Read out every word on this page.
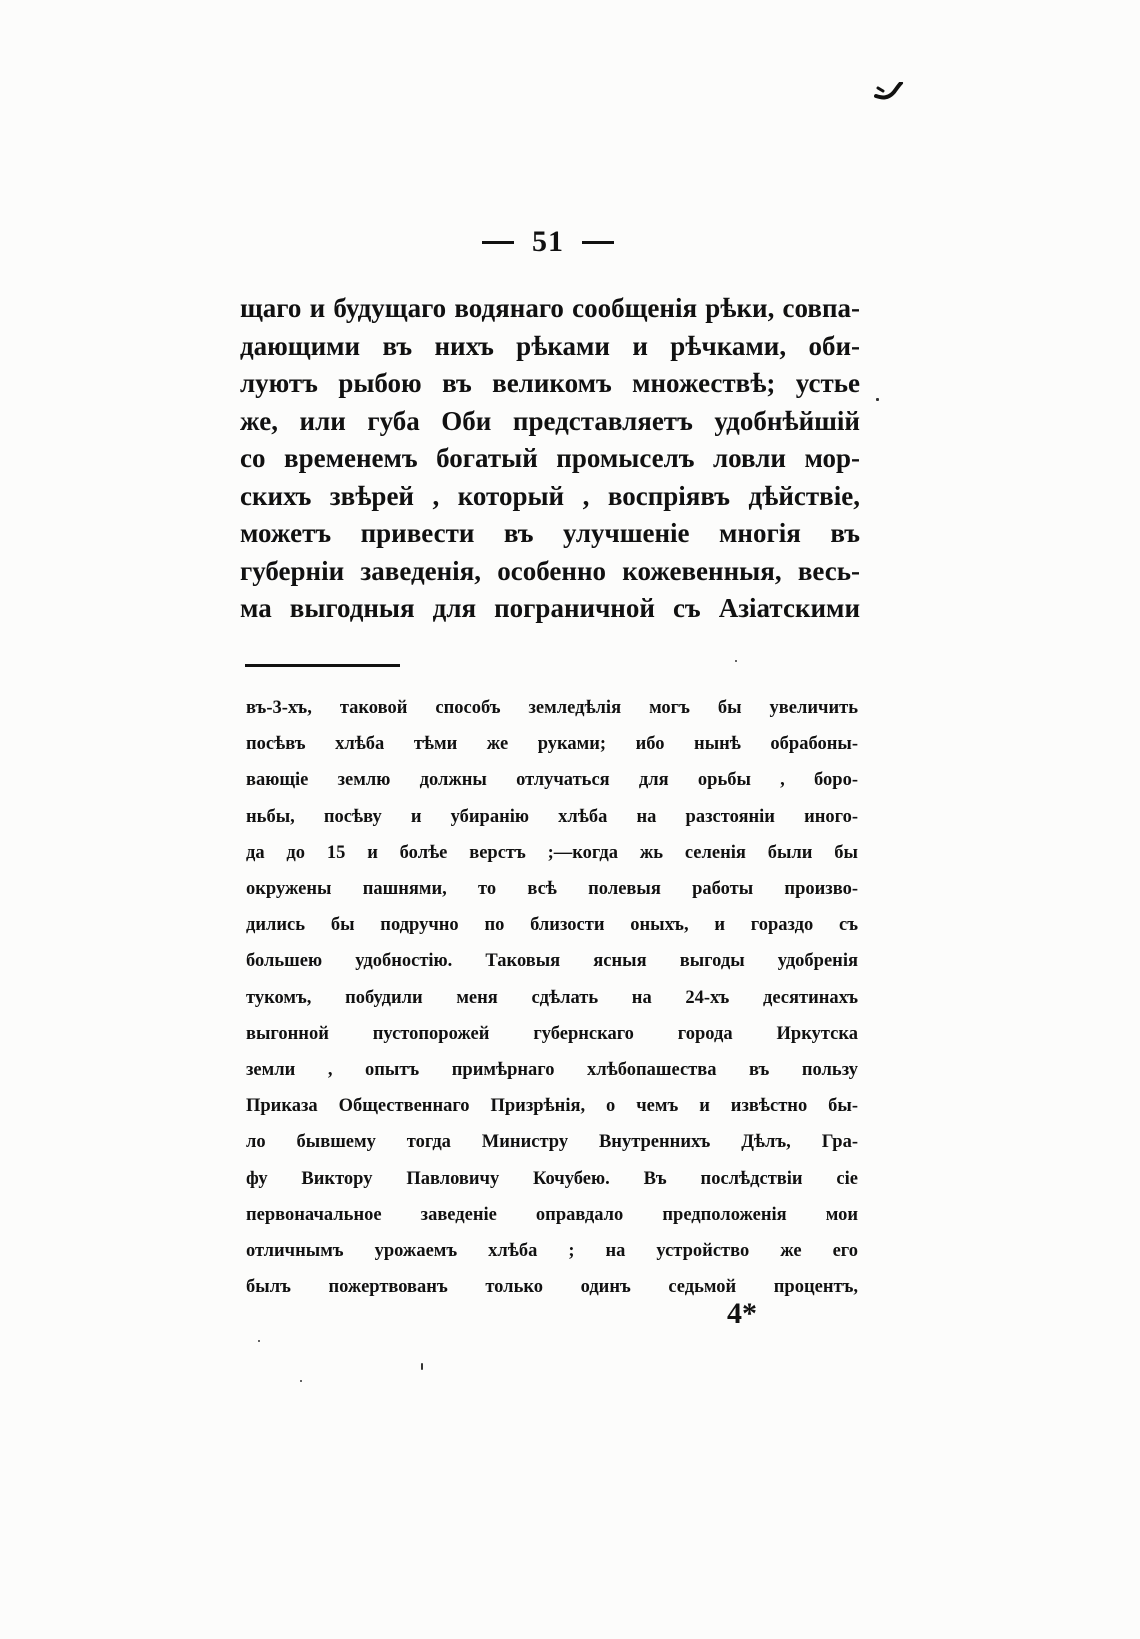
51
щаго и будущаго водянаго сообщенія рѣки, совпа-
дающими въ нихъ рѣками и рѣчками, оби-
луютъ рыбою въ великомъ множествѣ; устье
же, или губа Оби представляетъ удобнѣйшій
со временемъ богатый промыселъ ловли мор-
скихъ звѣрей , который , воспріявъ дѣйствіе,
можетъ привести въ улучшеніе многія въ
губерніи заведенія, особенно кожевенныя, весь-
ма выгодныя для пограничной съ Азіатскими
въ-3-хъ, таковой способъ земледѣлія могъ бы увеличить
посѣвъ хлѣба тѣми же руками; ибо нынѣ обрабоны-
вающіе землю должны отлучаться для орьбы , боро-
ньбы, посѣву и убиранію хлѣба на разстояніи иного-
да до 15 и болѣе верстъ ;—когда жь селенія были бы
окружены пашнями, то всѣ полевыя работы произво-
дились бы подручно по близости оныхъ, и гораздо съ
большею удобностію. Таковыя ясныя выгоды удобренія
тукомъ, побудили меня сдѣлать на 24-хъ десятинахъ
выгонной пустопорожей губернскаго города Иркутска
земли , опытъ примѣрнаго хлѣбопашества въ пользу
Приказа Общественнаго Призрѣнія, о чемъ и извѣстно бы-
ло бывшему тогда Министру Внутреннихъ Дѣлъ, Гра-
фу Виктору Павловичу Кочубею. Въ послѣдствіи сіе
первоначальное заведеніе оправдало предположенія мои
отличнымъ урожаемъ хлѣба ; на устройство же его
былъ пожертвованъ только одинъ седьмой процентъ,
4*
